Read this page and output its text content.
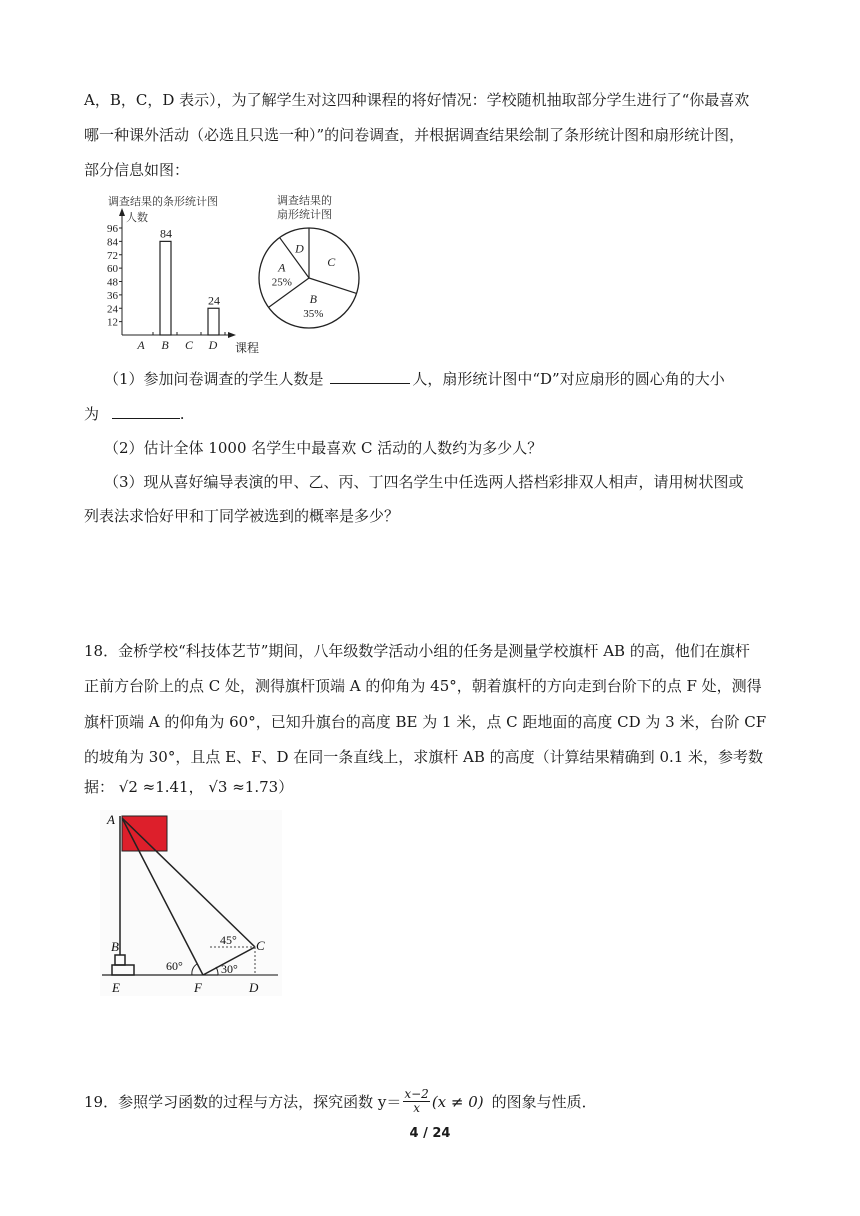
A，B，C，D 表示），为了解学生对这四种课程的将好情况：学校随机抽取部分学生进行了“你最喜欢
哪一种课外活动（必选且只选一种）”的问卷调查，并根据调查结果绘制了条形统计图和扇形统计图，
部分信息如图：
调查结果的条形统计图
人数
12
24
36
48
60
72
84
96	84
24
A B C D 课程
调查结果的
扇形统计图
C
B
35%
A
25%
D
（1）参加问卷调查的学生人数是	人，扇形统计图中“D”对应扇形的圆心角的大小
为	.
（2）估计全体 1000 名学生中最喜欢 C 活动的人数约为多少人？
（3）现从喜好编导表演的甲、乙、丙、丁四名学生中任选两人搭档彩排双人相声，请用树状图或
列表法求恰好甲和丁同学被选到的概率是多少？
18．金桥学校“科技体艺节”期间，八年级数学活动小组的任务是测量学校旗杆 AB 的高，他们在旗杆
正前方台阶上的点 C 处，测得旗杆顶端 A 的仰角为 45°，朝着旗杆的方向走到台阶下的点 F 处，测得
旗杆顶端 A 的仰角为 60°，已知升旗台的高度 BE 为 1 米，点 C 距地面的高度 CD 为 3 米，台阶 CF
的坡角为 30°，且点 E、F、D 在同一条直线上，求旗杆 AB 的高度（计算结果精确到 0.1 米，参考数
据： √2 ≈1.41， √3 ≈1.73）
A
B	C
E	F	D
45°
60°	30°
19．参照学习函数的过程与方法，探究函数 $y= \frac{x-2}{x} (x \ne 0)$ 的图象与性质．
4 / 24
